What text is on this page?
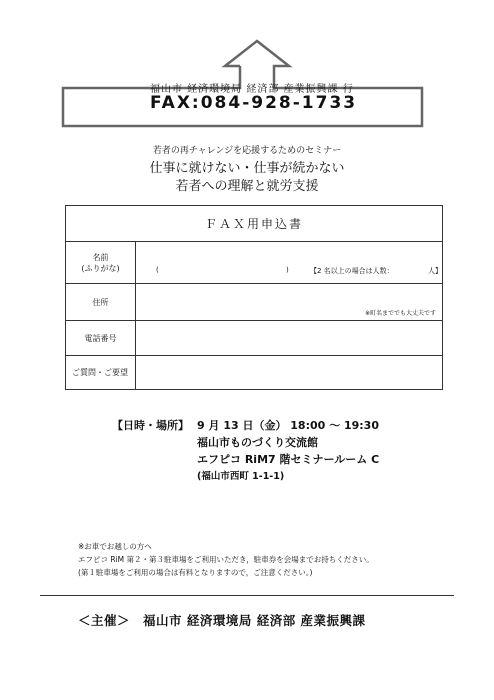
福山市 経済環境局 経済部 産業振興課 行
FAX:084-928-1733
若者の再チャレンジを応援するためのセミナー
仕事に就けない・仕事が続かない
若者への理解と就労支援
ＦＡＸ用申込書
名前
(ふりがな)	(	)	【2 名以上の場合は人数：	人】
住所
※町名まででも大丈夫です
電話番号
ご質問・ご要望
【日時・場所】 9 月 13 日（金） 18:00 ～ 19:30
福山市ものづくり交流館
エフピコ RiM7 階セミナールーム C
(福山市西町 1-1-1)
※お車でお越しの方へ
エフピコ RiM 第２・第３駐車場をご利用いただき，駐車券を会場までお持ちください。
(第１駐車場をご利用の場合は有料となりますので，ご注意ください。)
＜主催＞　福山市 経済環境局 経済部 産業振興課
